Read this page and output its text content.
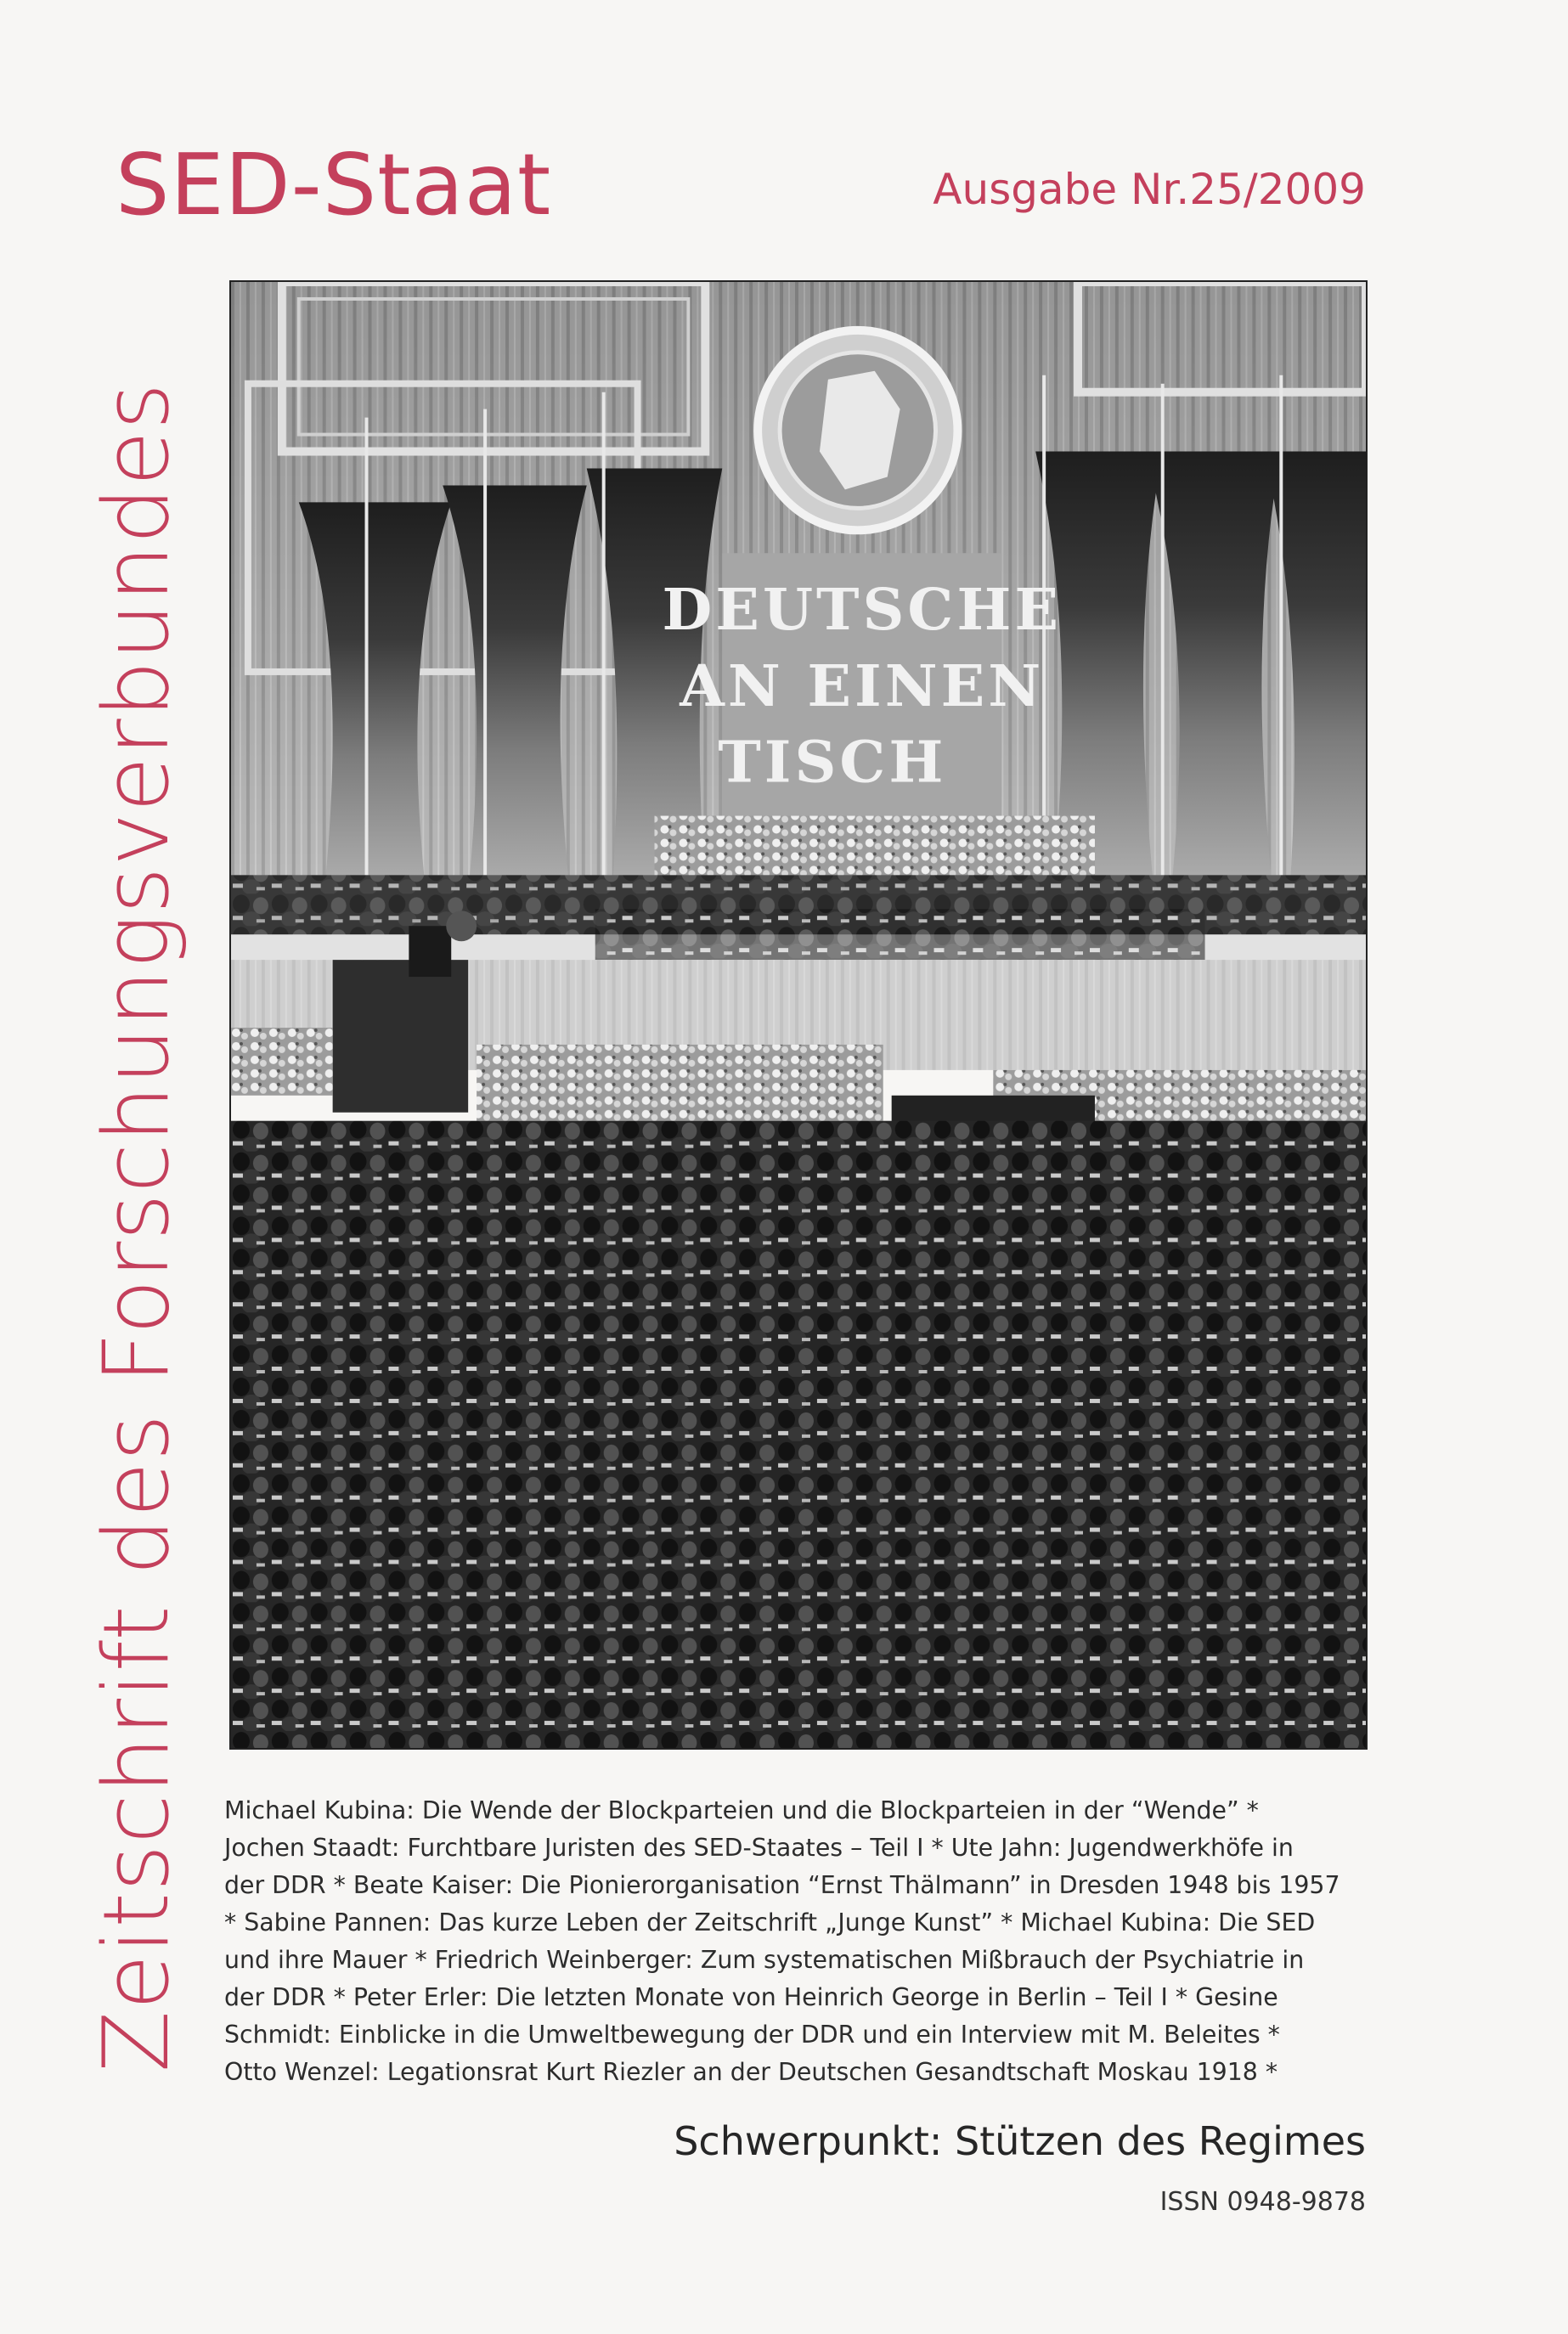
Zeitschrift des Forschungsverbundes
SED-Staat	Ausgabe Nr.25/2009
DEUTSCHE
AN EINEN
TISCH

Michael Kubina: Die Wende der Blockparteien und die Blockparteien in der “Wende” *
Jochen Staadt: Furchtbare Juristen des SED-Staates – Teil I * Ute Jahn: Jugendwerkhöfe in
der DDR * Beate Kaiser: Die Pionierorganisation “Ernst Thälmann” in Dresden 1948 bis 1957
* Sabine Pannen: Das kurze Leben der Zeitschrift „Junge Kunst” * Michael Kubina: Die SED
und ihre Mauer * Friedrich Weinberger: Zum systematischen Mißbrauch der Psychiatrie in
der DDR * Peter Erler: Die letzten Monate von Heinrich George in Berlin – Teil I * Gesine
Schmidt: Einblicke in die Umweltbewegung der DDR und ein Interview mit M. Beleites *
Otto Wenzel: Legationsrat Kurt Riezler an der Deutschen Gesandtschaft Moskau 1918 *

Schwerpunkt: Stützen des Regimes
ISSN 0948-9878
